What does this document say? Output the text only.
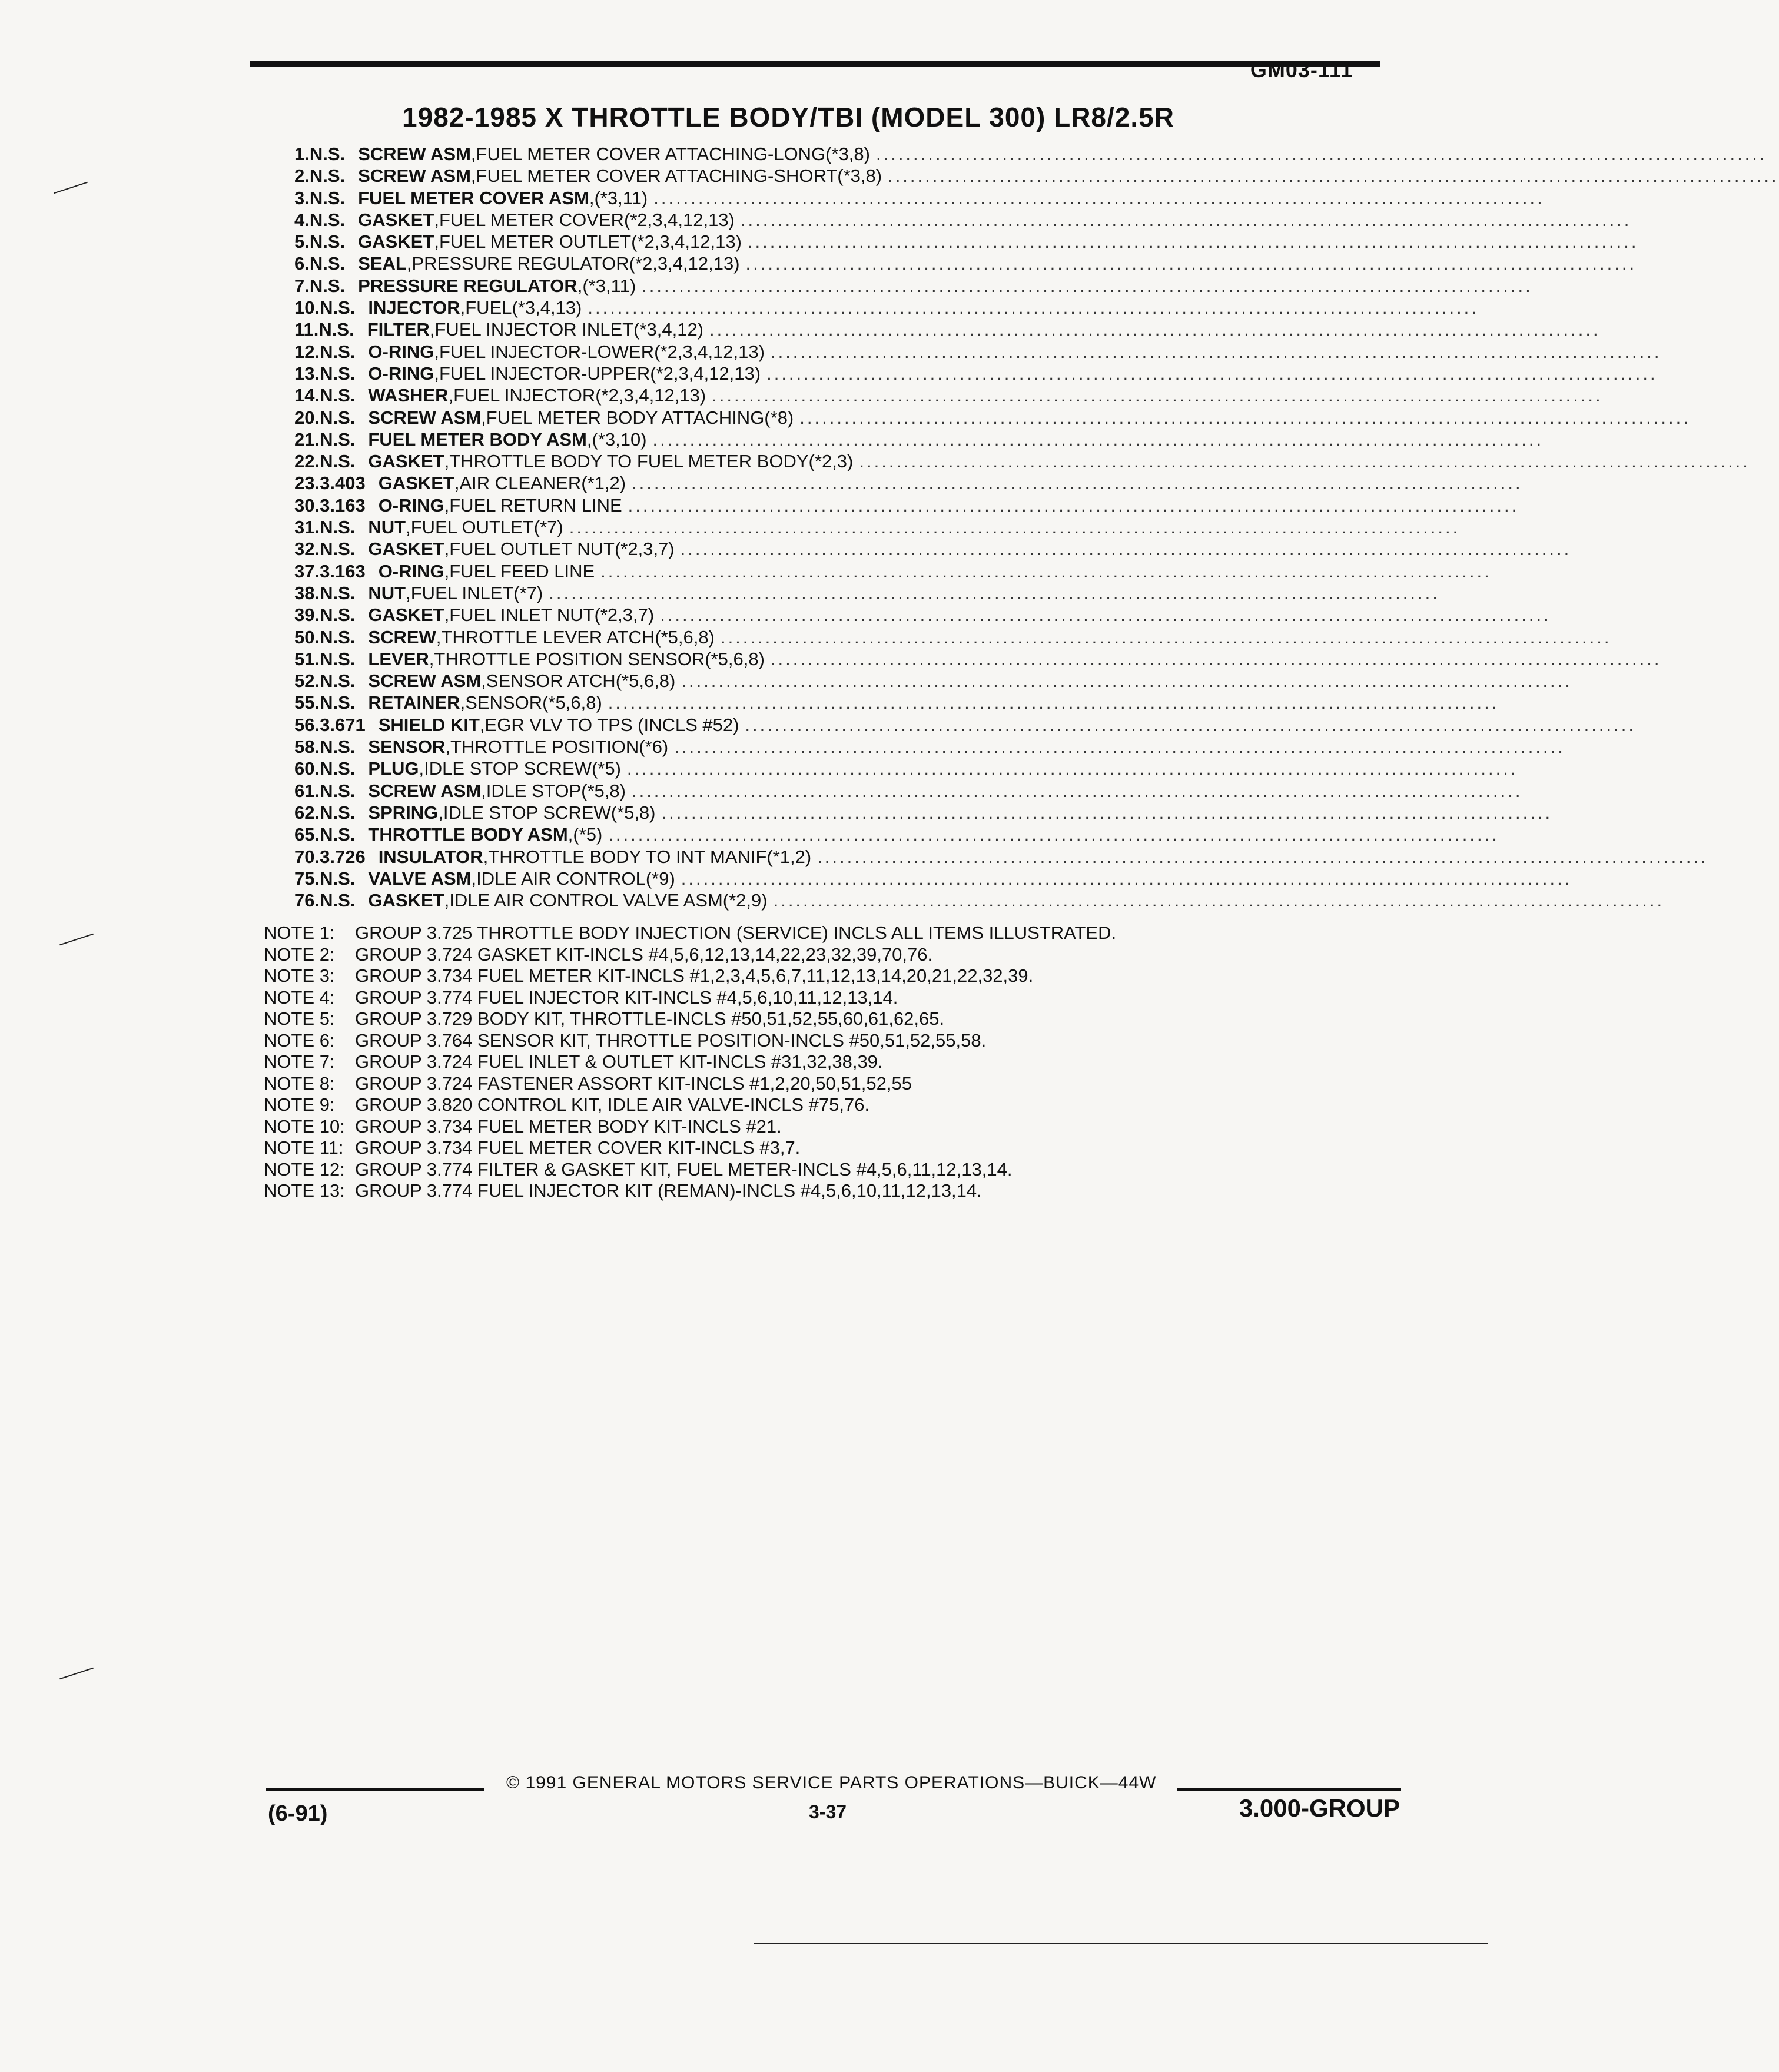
GM03-111
1982-1985 X THROTTLE BODY/TBI (MODEL 300) LR8/2.5R
1. N.S. SCREW ASM , FUEL METER COVER ATTACHING-LONG(*3,8) ........................................................................................................................
2. N.S. SCREW ASM , FUEL METER COVER ATTACHING-SHORT(*3,8) ........................................................................................................................
3. N.S. FUEL METER COVER ASM , (*3,11) ........................................................................................................................
4. N.S. GASKET , FUEL METER COVER(*2,3,4,12,13) ........................................................................................................................
5. N.S. GASKET , FUEL METER OUTLET(*2,3,4,12,13) ........................................................................................................................
6. N.S. SEAL , PRESSURE REGULATOR(*2,3,4,12,13) ........................................................................................................................
7. N.S. PRESSURE REGULATOR , (*3,11) ........................................................................................................................
10. N.S. INJECTOR , FUEL(*3,4,13) ........................................................................................................................
11. N.S. FILTER , FUEL INJECTOR INLET(*3,4,12) ........................................................................................................................
12. N.S. O-RING , FUEL INJECTOR-LOWER(*2,3,4,12,13) ........................................................................................................................
13. N.S. O-RING , FUEL INJECTOR-UPPER(*2,3,4,12,13) ........................................................................................................................
14. N.S. WASHER , FUEL INJECTOR(*2,3,4,12,13) ........................................................................................................................
20. N.S. SCREW ASM , FUEL METER BODY ATTACHING(*8) ........................................................................................................................
21. N.S. FUEL METER BODY ASM , (*3,10) ........................................................................................................................
22. N.S. GASKET , THROTTLE BODY TO FUEL METER BODY(*2,3) ........................................................................................................................
23. 3.403 GASKET , AIR CLEANER(*1,2) ........................................................................................................................
30. 3.163 O-RING , FUEL RETURN LINE ........................................................................................................................
31. N.S. NUT , FUEL OUTLET(*7) ........................................................................................................................
32. N.S. GASKET , FUEL OUTLET NUT(*2,3,7) ........................................................................................................................
37. 3.163 O-RING , FUEL FEED LINE ........................................................................................................................
38. N.S. NUT , FUEL INLET(*7) ........................................................................................................................
39. N.S. GASKET , FUEL INLET NUT(*2,3,7) ........................................................................................................................
50. N.S. SCREW , THROTTLE LEVER ATCH(*5,6,8) ........................................................................................................................
51. N.S. LEVER , THROTTLE POSITION SENSOR(*5,6,8) ........................................................................................................................
52. N.S. SCREW ASM , SENSOR ATCH(*5,6,8) ........................................................................................................................
55. N.S. RETAINER , SENSOR(*5,6,8) ........................................................................................................................
56. 3.671 SHIELD KIT , EGR VLV TO TPS (INCLS #52) ........................................................................................................................
58. N.S. SENSOR , THROTTLE POSITION(*6) ........................................................................................................................
60. N.S. PLUG , IDLE STOP SCREW(*5) ........................................................................................................................
61. N.S. SCREW ASM , IDLE STOP(*5,8) ........................................................................................................................
62. N.S. SPRING , IDLE STOP SCREW(*5,8) ........................................................................................................................
65. N.S. THROTTLE BODY ASM , (*5) ........................................................................................................................
70. 3.726 INSULATOR , THROTTLE BODY TO INT MANIF(*1,2) ........................................................................................................................
75. N.S. VALVE ASM , IDLE AIR CONTROL(*9) ........................................................................................................................
76. N.S. GASKET , IDLE AIR CONTROL VALVE ASM(*2,9) ........................................................................................................................
NOTE 1:	GROUP 3.725 THROTTLE BODY INJECTION (SERVICE) INCLS ALL ITEMS ILLUSTRATED.
NOTE 2:	GROUP 3.724 GASKET KIT-INCLS #4,5,6,12,13,14,22,23,32,39,70,76.
NOTE 3:	GROUP 3.734 FUEL METER KIT-INCLS #1,2,3,4,5,6,7,11,12,13,14,20,21,22,32,39.
NOTE 4:	GROUP 3.774 FUEL INJECTOR KIT-INCLS #4,5,6,10,11,12,13,14.
NOTE 5:	GROUP 3.729 BODY KIT, THROTTLE-INCLS #50,51,52,55,60,61,62,65.
NOTE 6:	GROUP 3.764 SENSOR KIT, THROTTLE POSITION-INCLS #50,51,52,55,58.
NOTE 7:	GROUP 3.724 FUEL INLET & OUTLET KIT-INCLS #31,32,38,39.
NOTE 8:	GROUP 3.724 FASTENER ASSORT KIT-INCLS #1,2,20,50,51,52,55
NOTE 9:	GROUP 3.820 CONTROL KIT, IDLE AIR VALVE-INCLS #75,76.
NOTE 10: GROUP 3.734 FUEL METER BODY KIT-INCLS #21.
NOTE 11: GROUP 3.734 FUEL METER COVER KIT-INCLS #3,7.
NOTE 12: GROUP 3.774 FILTER & GASKET KIT, FUEL METER-INCLS #4,5,6,11,12,13,14.
NOTE 13: GROUP 3.774 FUEL INJECTOR KIT (REMAN)-INCLS #4,5,6,10,11,12,13,14.
© 1991 GENERAL MOTORS SERVICE PARTS OPERATIONS—BUICK—44W
(6-91)	3-37	3.000-GROUP
